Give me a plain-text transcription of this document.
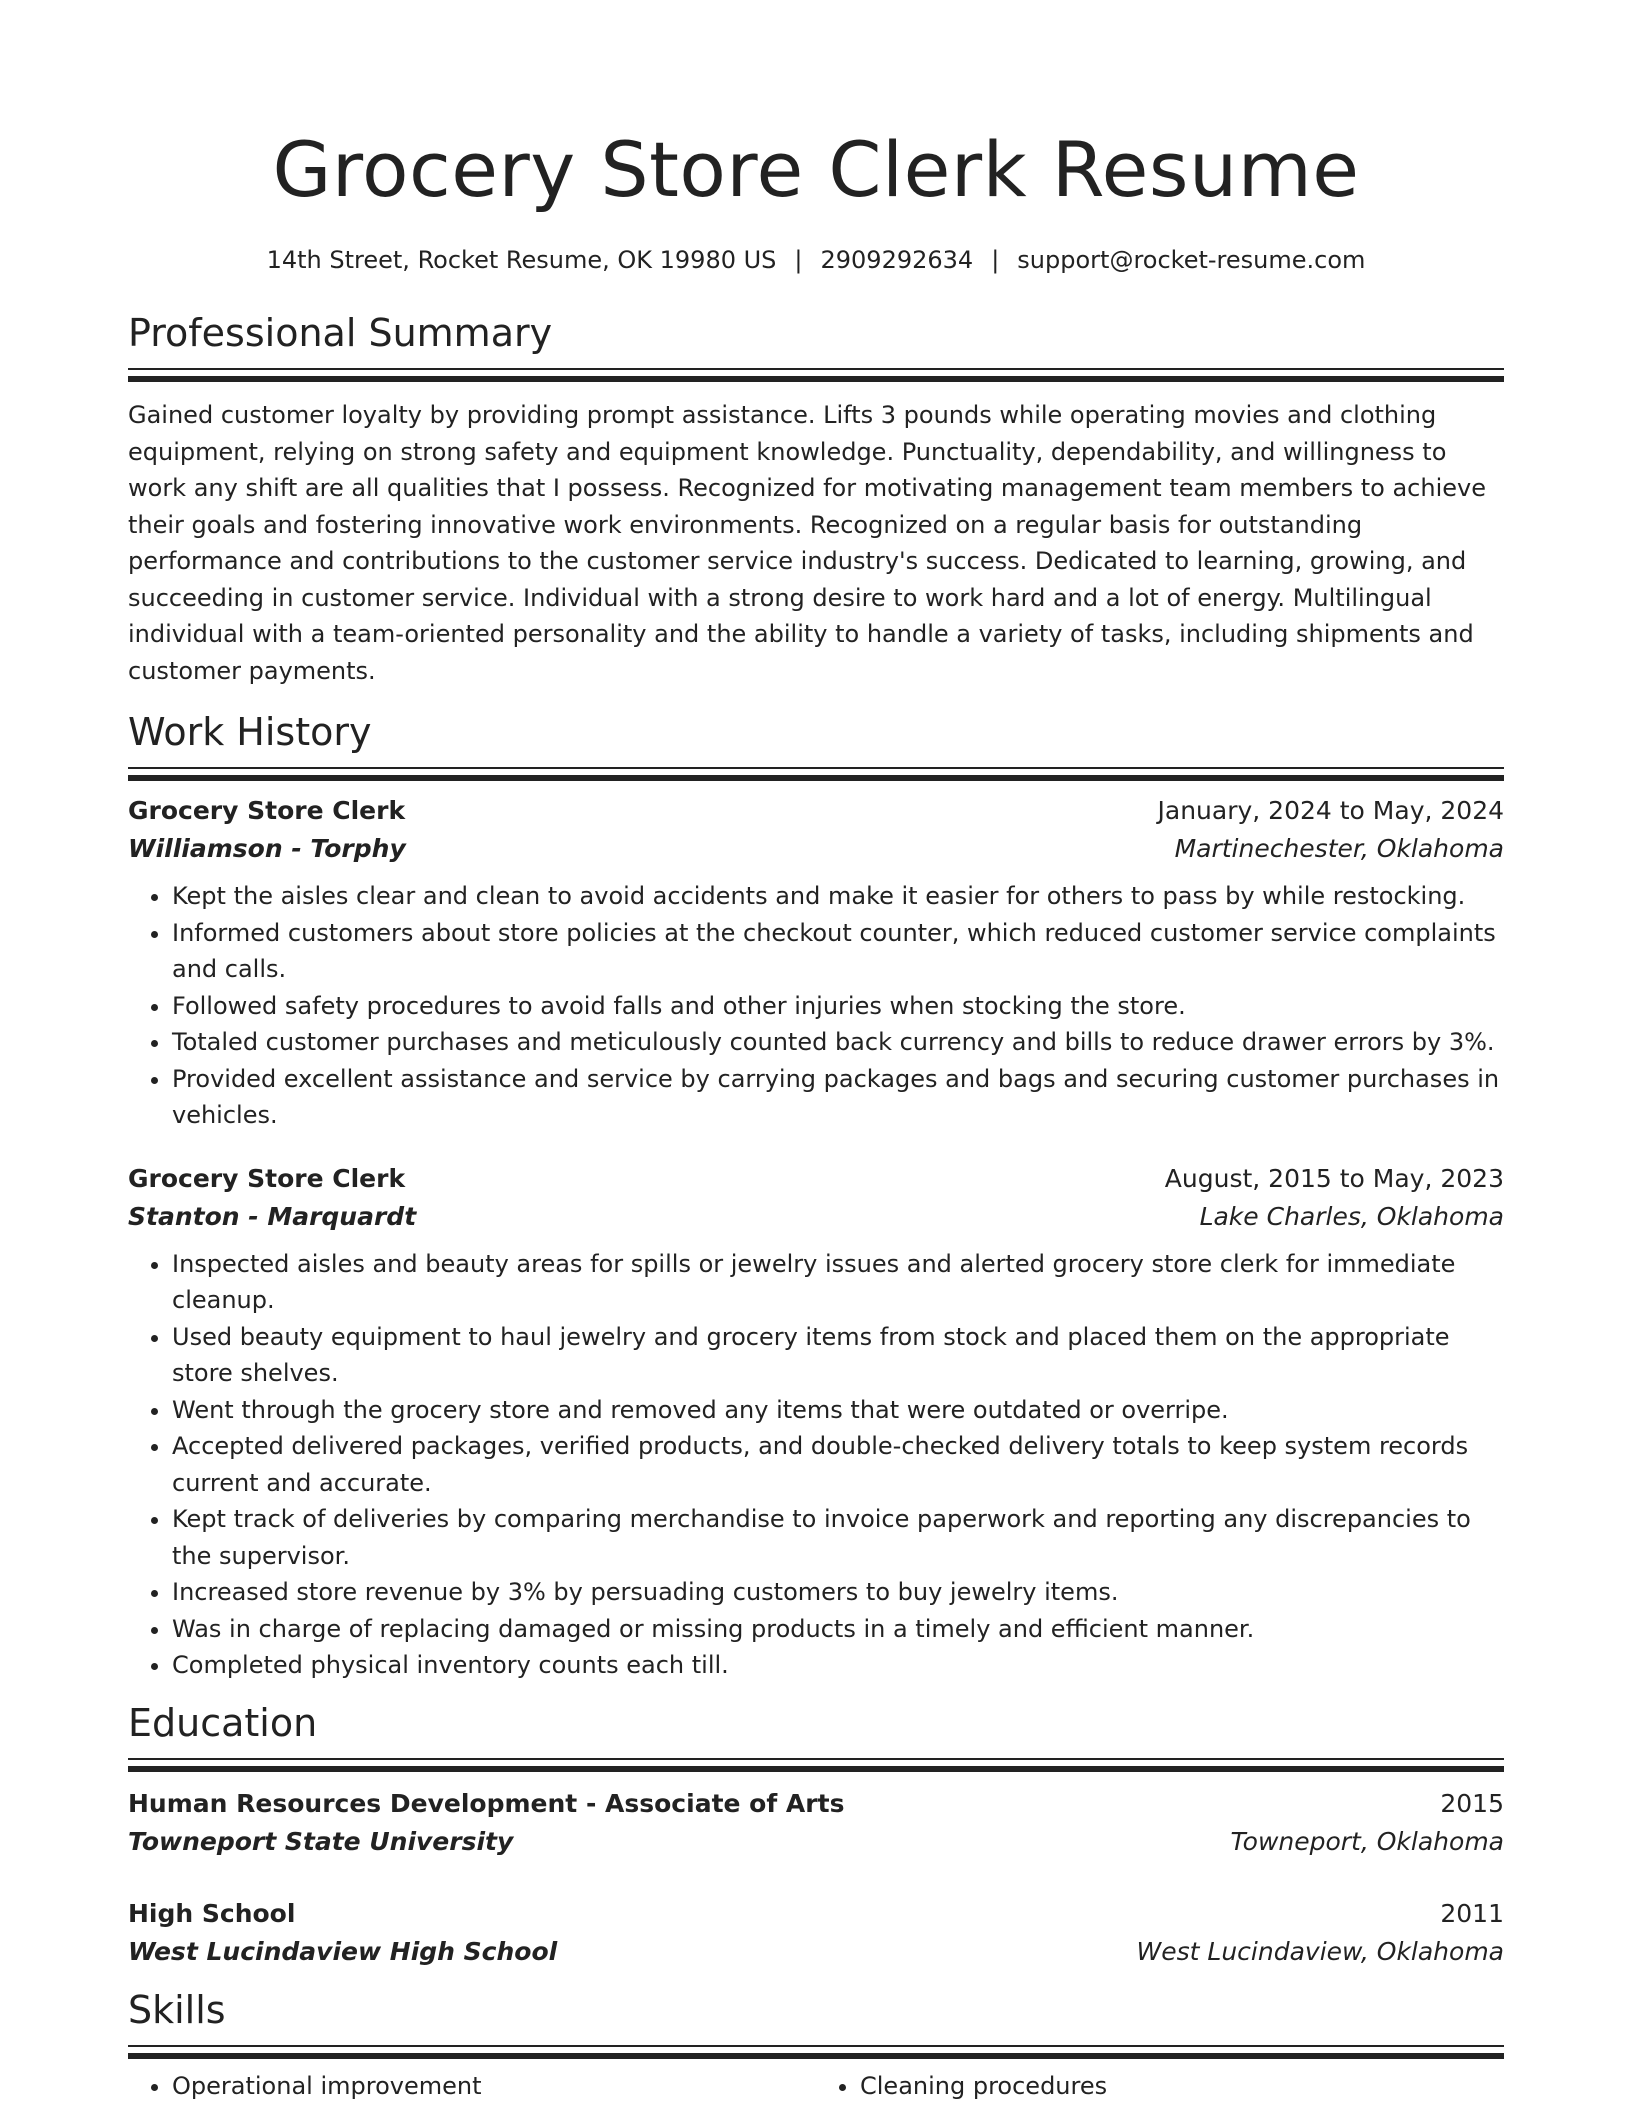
Grocery Store Clerk Resume
14th Street, Rocket Resume, OK 19980 US | 2909292634 | support@rocket-resume.com
Professional Summary

Gained customer loyalty by providing prompt assistance. Lifts 3 pounds while operating movies and clothing equipment, relying on strong safety and equipment knowledge. Punctuality, dependability, and willingness to work any shift are all qualities that I possess. Recognized for motivating management team members to achieve their goals and fostering innovative work environments. Recognized on a regular basis for outstanding performance and contributions to the customer service industry's success. Dedicated to learning, growing, and succeeding in customer service. Individual with a strong desire to work hard and a lot of energy. Multilingual individual with a team-oriented personality and the ability to handle a variety of tasks, including shipments and customer payments.

Work History
Grocery Store Clerk	January, 2024 to May, 2024
Williamson - Torphy	Martinechester, Oklahoma
• Kept the aisles clear and clean to avoid accidents and make it easier for others to pass by while restocking.
• Informed customers about store policies at the checkout counter, which reduced customer service complaints and calls.
• Followed safety procedures to avoid falls and other injuries when stocking the store.
• Totaled customer purchases and meticulously counted back currency and bills to reduce drawer errors by 3%.
• Provided excellent assistance and service by carrying packages and bags and securing customer purchases in vehicles.
Grocery Store Clerk	August, 2015 to May, 2023
Stanton - Marquardt	Lake Charles, Oklahoma
• Inspected aisles and beauty areas for spills or jewelry issues and alerted grocery store clerk for immediate cleanup.
• Used beauty equipment to haul jewelry and grocery items from stock and placed them on the appropriate store shelves.
• Went through the grocery store and removed any items that were outdated or overripe.
• Accepted delivered packages, verified products, and double-checked delivery totals to keep system records current and accurate.
• Kept track of deliveries by comparing merchandise to invoice paperwork and reporting any discrepancies to the supervisor.
• Increased store revenue by 3% by persuading customers to buy jewelry items.
• Was in charge of replacing damaged or missing products in a timely and efficient manner.
• Completed physical inventory counts each till.
Education
Human Resources Development - Associate of Arts	2015
Towneport State University	Towneport, Oklahoma
High School	2011
West Lucindaview High School	West Lucindaview, Oklahoma
Skills
• Operational improvement
•	Cleaning procedures
